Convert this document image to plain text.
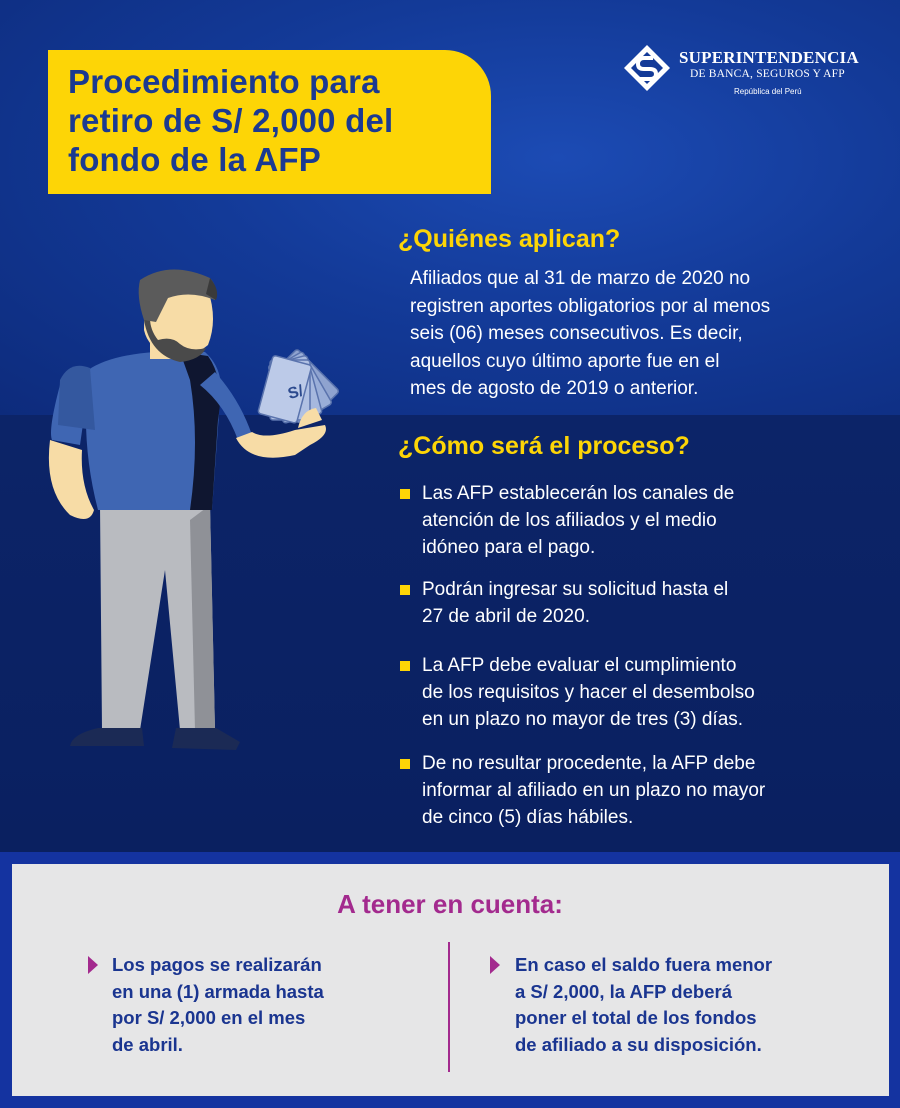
Procedimiento para
retiro de S/ 2,000 del
fondo de la AFP
SUPERINTENDENCIA
DE BANCA, SEGUROS Y AFP
República del Perú
S/
¿Quiénes aplican?

Afiliados que al 31 de marzo de 2020 no
registren aportes obligatorios por al menos
seis (06) meses consecutivos. Es decir,
aquellos cuyo último aporte fue en el
mes de agosto de 2019 o anterior.

¿Cómo será el proceso?
Las AFP establecerán los canales de
atención de los afiliados y el medio
idóneo para el pago.
Podrán ingresar su solicitud hasta el
27 de abril de 2020.
La AFP debe evaluar el cumplimiento
de los requisitos y hacer el desembolso
en un plazo no mayor de tres (3) días.
De no resultar procedente, la AFP debe
informar al afiliado en un plazo no mayor
de cinco (5) días hábiles.
A tener en cuenta:

Los pagos se realizarán
en una (1) armada hasta
por S/ 2,000 en el mes
de abril.

En caso el saldo fuera menor
a S/ 2,000, la AFP deberá
poner el total de los fondos
de afiliado a su disposición.
